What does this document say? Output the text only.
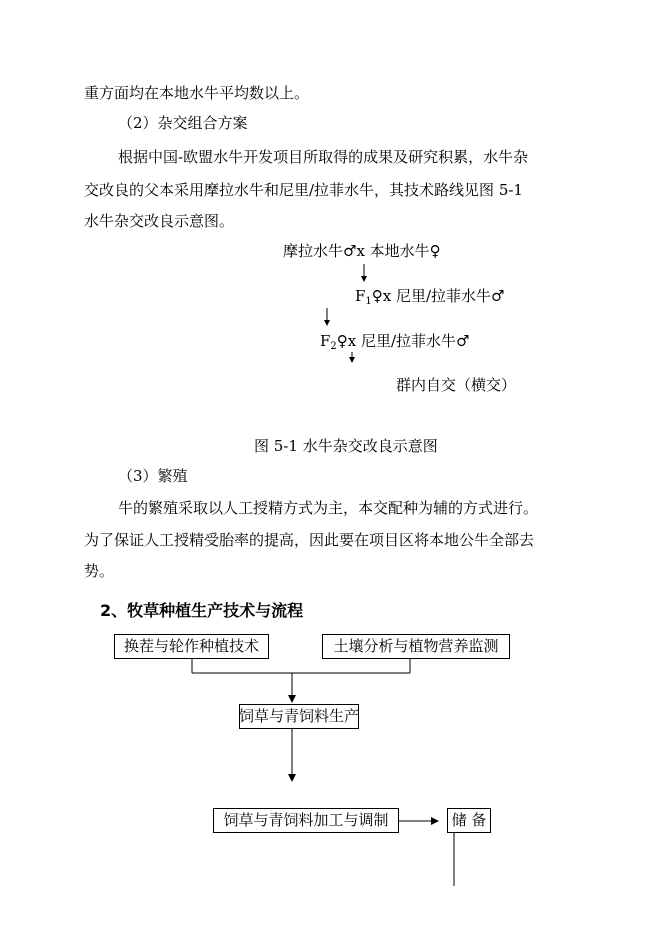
重方面均在本地水牛平均数以上。
（2）杂交组合方案
根据中国-欧盟水牛开发项目所取得的成果及研究积累，水牛杂
交改良的父本采用摩拉水牛和尼里/拉菲水牛，其技术路线见图 5-1
水牛杂交改良示意图。
摩拉水牛♂x 本地水牛♀
$F_1♀x$ 尼里/拉菲水牛♂
$F_2♀x$ 尼里/拉菲水牛♂
群内自交（横交）
图 5-1 水牛杂交改良示意图
（3）繁殖
牛的繁殖采取以人工授精方式为主，本交配种为辅的方式进行。
为了保证人工授精受胎率的提高，因此要在项目区将本地公牛全部去
势。
2、牧草种植生产技术与流程
换茬与轮作种植技术	土壤分析与植物营养监测
饲草与青饲料生产
饲草与青饲料加工与调制	储 备
